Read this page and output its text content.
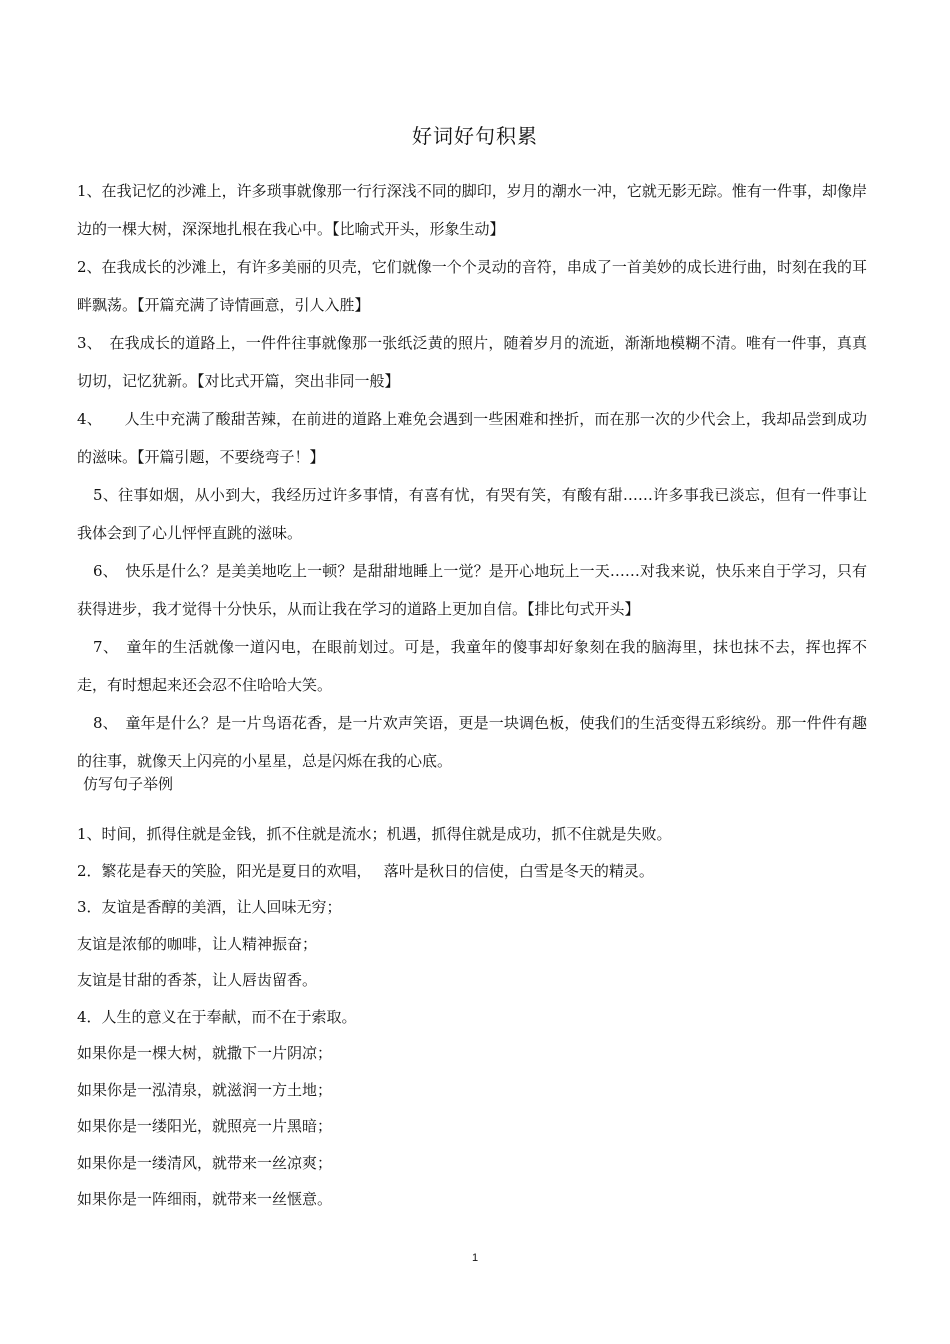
好词好句积累

1、在我记忆的沙滩上，许多琐事就像那一行行深浅不同的脚印，岁月的潮水一冲，它就无影无踪。惟有一件事，却像岸边的一棵大树，深深地扎根在我心中。【比喻式开头，形象生动】

2、在我成长的沙滩上，有许多美丽的贝壳，它们就像一个个灵动的音符，串成了一首美妙的成长进行曲，时刻在我的耳畔飘荡。【开篇充满了诗情画意，引人入胜】

3、　在我成长的道路上，一件件往事就像那一张纸泛黄的照片，随着岁月的流逝，渐渐地模糊不清。唯有一件事，真真切切，记忆犹新。【对比式开篇，突出非同一般】

4、　　人生中充满了酸甜苦辣，在前进的道路上难免会遇到一些困难和挫折，而在那一次的少代会上，我却品尝到成功的滋味。【开篇引题，不要绕弯子！】

5、往事如烟，从小到大，我经历过许多事情，有喜有忧，有哭有笑，有酸有甜……许多事我已淡忘，但有一件事让我体会到了心儿怦怦直跳的滋味。

6、　快乐是什么？是美美地吃上一顿？是甜甜地睡上一觉？是开心地玩上一天……对我来说，快乐来自于学习，只有获得进步，我才觉得十分快乐，从而让我在学习的道路上更加自信。【排比句式开头】

7、　童年的生活就像一道闪电，在眼前划过。可是，我童年的傻事却好象刻在我的脑海里，抹也抹不去，挥也挥不走，有时想起来还会忍不住哈哈大笑。

8、　童年是什么？是一片鸟语花香，是一片欢声笑语，更是一块调色板，使我们的生活变得五彩缤纷。那一件件有趣的往事，就像天上闪亮的小星星，总是闪烁在我的心底。

仿写句子举例

1、时间，抓得住就是金钱，抓不住就是流水；机遇，抓得住就是成功，抓不住就是失败。

2．繁花是春天的笑脸，阳光是夏日的欢唱，　 落叶是秋日的信使，白雪是冬天的精灵。

3．友谊是香醇的美酒，让人回味无穷；

友谊是浓郁的咖啡，让人精神振奋；

友谊是甘甜的香茶，让人唇齿留香。

4．人生的意义在于奉献，而不在于索取。

如果你是一棵大树，就撒下一片阴凉；

如果你是一泓清泉，就滋润一方土地；

如果你是一缕阳光，就照亮一片黑暗；

如果你是一缕清风，就带来一丝凉爽；

如果你是一阵细雨，就带来一丝惬意。

1
